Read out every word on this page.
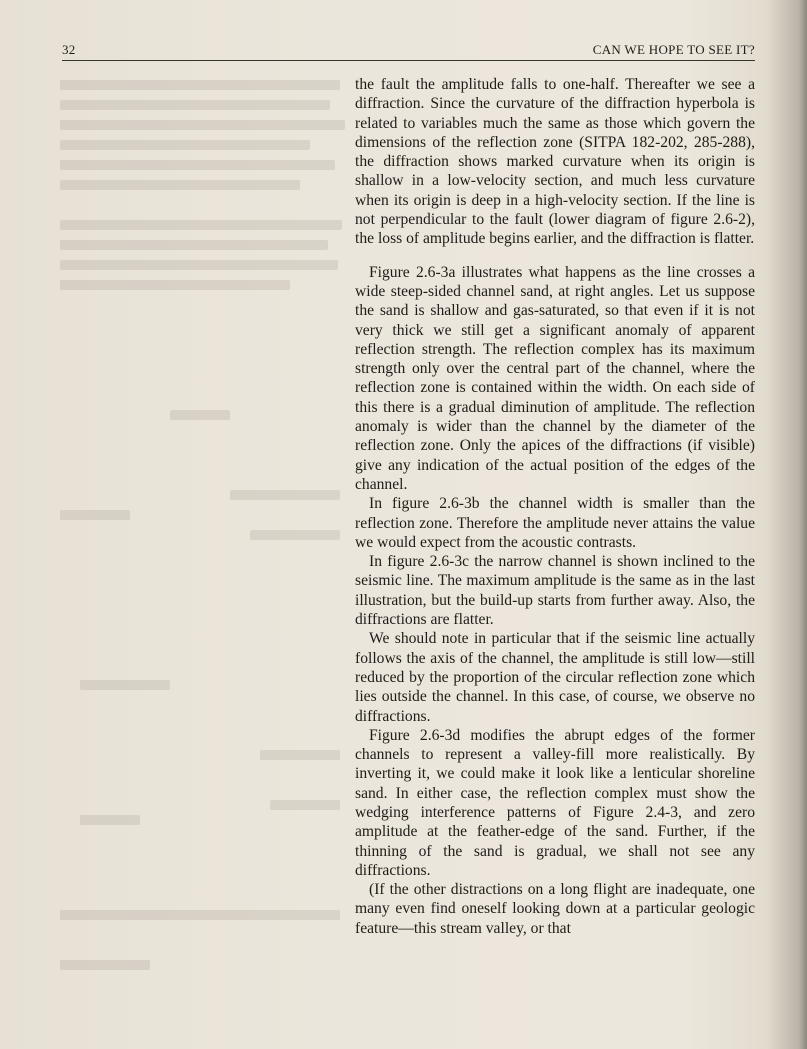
32	CAN WE HOPE TO SEE IT?

the fault the amplitude falls to one-half. Thereafter we see a diffraction. Since the curvature of the diffraction hyperbola is related to variables much the same as those which govern the dimensions of the reflection zone (SITPA 182-202, 285-288), the diffraction shows marked curvature when its origin is shallow in a low-velocity section, and much less curvature when its origin is deep in a high-velocity section. If the line is not perpendicular to the fault (lower diagram of figure 2.6-2), the loss of amplitude begins earlier, and the diffraction is flatter.

Figure 2.6-3a illustrates what happens as the line crosses a wide steep-sided channel sand, at right angles. Let us suppose the sand is shallow and gas-saturated, so that even if it is not very thick we still get a significant anomaly of apparent reflection strength. The reflection complex has its maximum strength only over the central part of the channel, where the reflection zone is contained within the width. On each side of this there is a gradual diminution of amplitude. The reflection anomaly is wider than the channel by the diameter of the reflection zone. Only the apices of the diffractions (if visible) give any indication of the actual position of the edges of the channel.

In figure 2.6-3b the channel width is smaller than the reflection zone. Therefore the amplitude never attains the value we would expect from the acoustic contrasts.

In figure 2.6-3c the narrow channel is shown inclined to the seismic line. The maximum amplitude is the same as in the last illustration, but the build-up starts from further away. Also, the diffractions are flatter.

We should note in particular that if the seismic line actually follows the axis of the channel, the amplitude is still low—still reduced by the proportion of the circular reflection zone which lies outside the channel. In this case, of course, we observe no diffractions.

Figure 2.6-3d modifies the abrupt edges of the former channels to represent a valley-fill more realistically. By inverting it, we could make it look like a lenticular shoreline sand. In either case, the reflection complex must show the wedging interference patterns of Figure 2.4-3, and zero amplitude at the feather-edge of the sand. Further, if the thinning of the sand is gradual, we shall not see any diffractions.

(If the other distractions on a long flight are inadequate, one many even find oneself looking down at a particular geologic feature—this stream valley, or that
